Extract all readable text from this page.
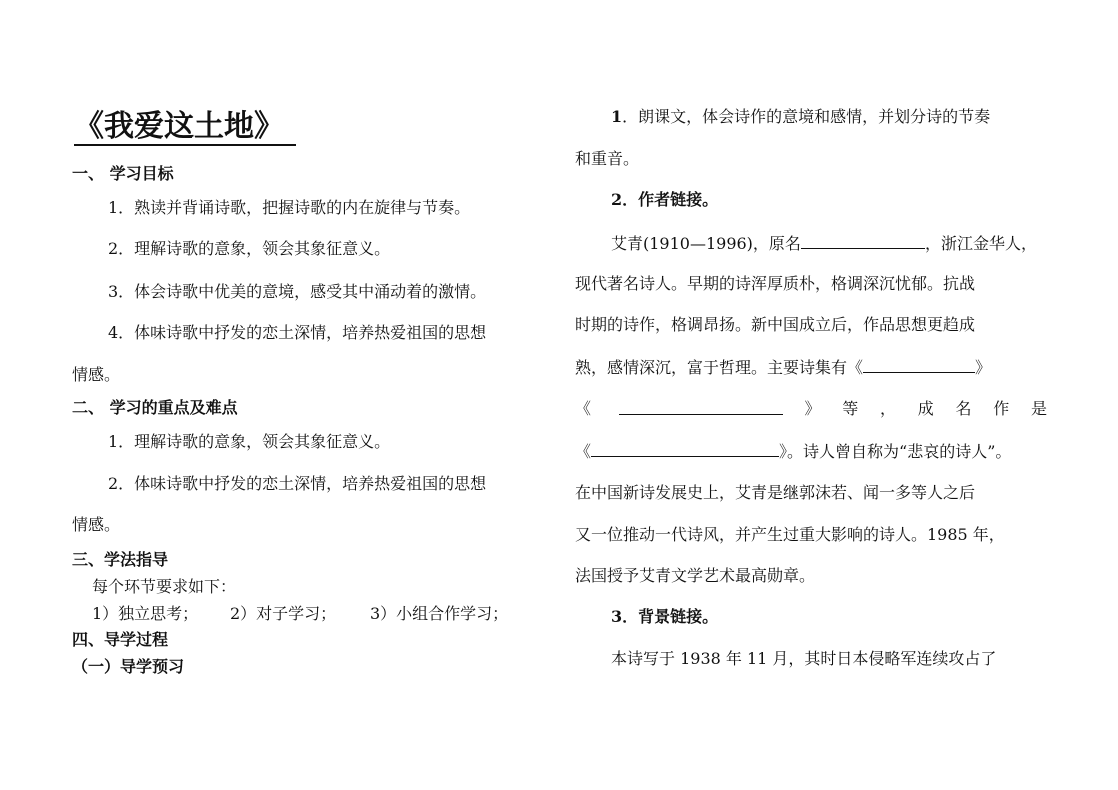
《我爱这土地》
一、 学习目标
1．熟读并背诵诗歌，把握诗歌的内在旋律与节奏。
2．理解诗歌的意象，领会其象征意义。
3．体会诗歌中优美的意境，感受其中涌动着的激情。
4．体味诗歌中抒发的恋土深情，培养热爱祖国的思想
情感。
二、 学习的重点及难点
1．理解诗歌的意象，领会其象征意义。
2．体味诗歌中抒发的恋土深情，培养热爱祖国的思想
情感。
三、学法指导
每个环节要求如下：
1）独立思考； 2）对子学习； 3）小组合作学习；
四、导学过程
（一）导学预习
1．朗课文，体会诗作的意境和感情，并划分诗的节奏
和重音。
2．作者链接。
艾青(1910—1996)，原名	，浙江金华人，
现代著名诗人。早期的诗浑厚质朴，格调深沉忧郁。抗战
时期的诗作，格调昂扬。新中国成立后，作品思想更趋成
熟，感情深沉，富于哲理。主要诗集有《	》
《	》 等 ， 成 名 作 是
《	》。诗人曾自称为“悲哀的诗人”。
在中国新诗发展史上，艾青是继郭沫若、闻一多等人之后
又一位推动一代诗风，并产生过重大影响的诗人。1985 年，
法国授予艾青文学艺术最高勋章。
3．背景链接。
本诗写于 1938 年 11 月，其时日本侵略军连续攻占了
